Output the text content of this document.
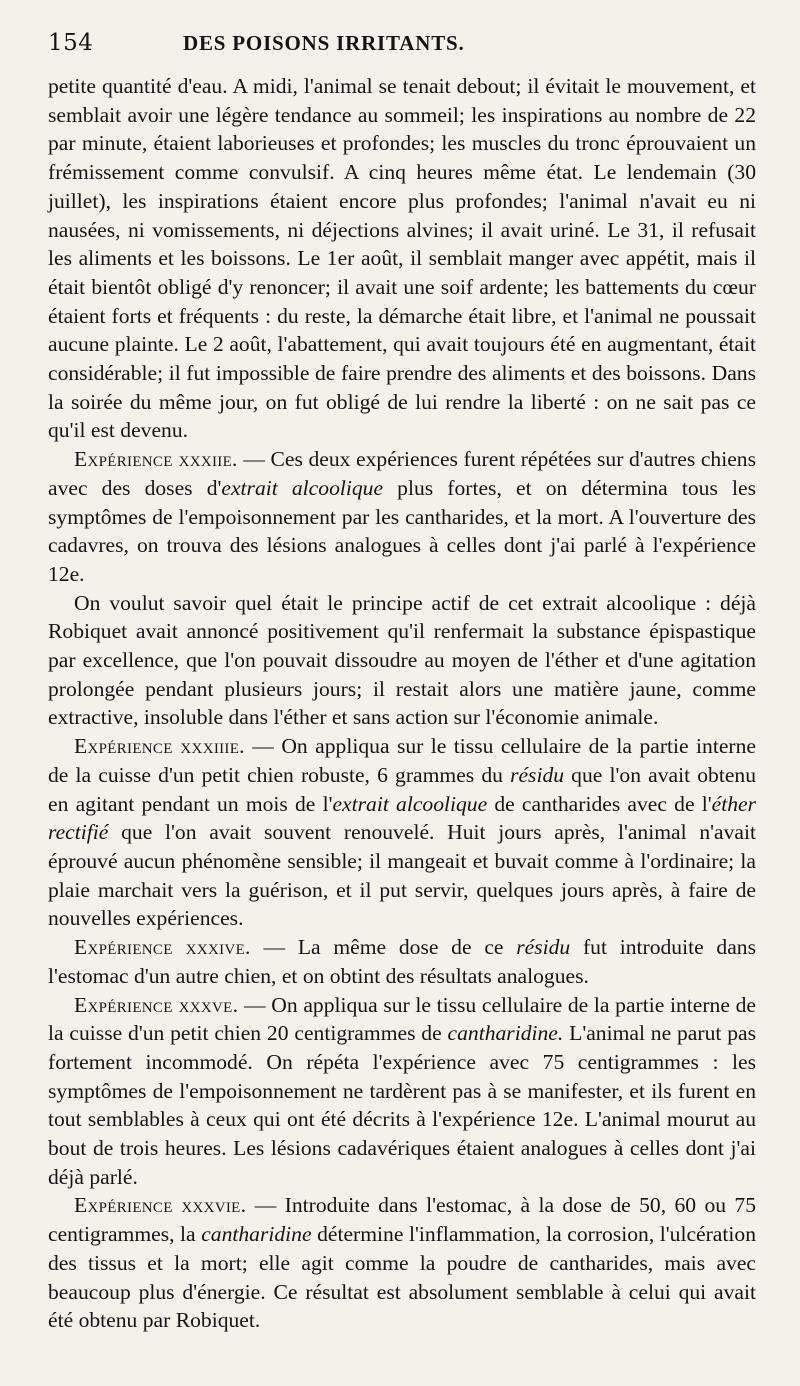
154	DES POISONS IRRITANTS.

petite quantité d'eau. A midi, l'animal se tenait debout; il évitait le mouvement, et semblait avoir une légère tendance au sommeil; les inspirations au nombre de 22 par minute, étaient laborieuses et profondes; les muscles du tronc éprouvaient un frémissement comme convulsif. A cinq heures même état. Le lendemain (30 juillet), les inspirations étaient encore plus profondes; l'animal n'avait eu ni nausées, ni vomissements, ni déjections alvines; il avait uriné. Le 31, il refusait les aliments et les boissons. Le 1er août, il semblait manger avec appétit, mais il était bientôt obligé d'y renoncer; il avait une soif ardente; les battements du cœur étaient forts et fréquents : du reste, la démarche était libre, et l'animal ne poussait aucune plainte. Le 2 août, l'abattement, qui avait toujours été en augmentant, était considérable; il fut impossible de faire prendre des aliments et des boissons. Dans la soirée du même jour, on fut obligé de lui rendre la liberté : on ne sait pas ce qu'il est devenu.

Expérience xxxiie. — Ces deux expériences furent répétées sur d'autres chiens avec des doses d'extrait alcoolique plus fortes, et on détermina tous les symptômes de l'empoisonnement par les cantharides, et la mort. A l'ouverture des cadavres, on trouva des lésions analogues à celles dont j'ai parlé à l'expérience 12e.

On voulut savoir quel était le principe actif de cet extrait alcoolique : déjà Robiquet avait annoncé positivement qu'il renfermait la substance épispastique par excellence, que l'on pouvait dissoudre au moyen de l'éther et d'une agitation prolongée pendant plusieurs jours; il restait alors une matière jaune, comme extractive, insoluble dans l'éther et sans action sur l'économie animale.

Expérience xxxiiie. — On appliqua sur le tissu cellulaire de la partie interne de la cuisse d'un petit chien robuste, 6 grammes du résidu que l'on avait obtenu en agitant pendant un mois de l'extrait alcoolique de cantharides avec de l'éther rectifié que l'on avait souvent renouvelé. Huit jours après, l'animal n'avait éprouvé aucun phénomène sensible; il mangeait et buvait comme à l'ordinaire; la plaie marchait vers la guérison, et il put servir, quelques jours après, à faire de nouvelles expériences.

Expérience xxxive. — La même dose de ce résidu fut introduite dans l'estomac d'un autre chien, et on obtint des résultats analogues.

Expérience xxxve. — On appliqua sur le tissu cellulaire de la partie interne de la cuisse d'un petit chien 20 centigrammes de cantharidine. L'animal ne parut pas fortement incommodé. On répéta l'expérience avec 75 centigrammes : les symptômes de l'empoisonnement ne tardèrent pas à se manifester, et ils furent en tout semblables à ceux qui ont été décrits à l'expérience 12e. L'animal mourut au bout de trois heures. Les lésions cadavériques étaient analogues à celles dont j'ai déjà parlé.

Expérience xxxvie. — Introduite dans l'estomac, à la dose de 50, 60 ou 75 centigrammes, la cantharidine détermine l'inflammation, la corrosion, l'ulcération des tissus et la mort; elle agit comme la poudre de cantharides, mais avec beaucoup plus d'énergie. Ce résultat est absolument semblable à celui qui avait été obtenu par Robiquet.
